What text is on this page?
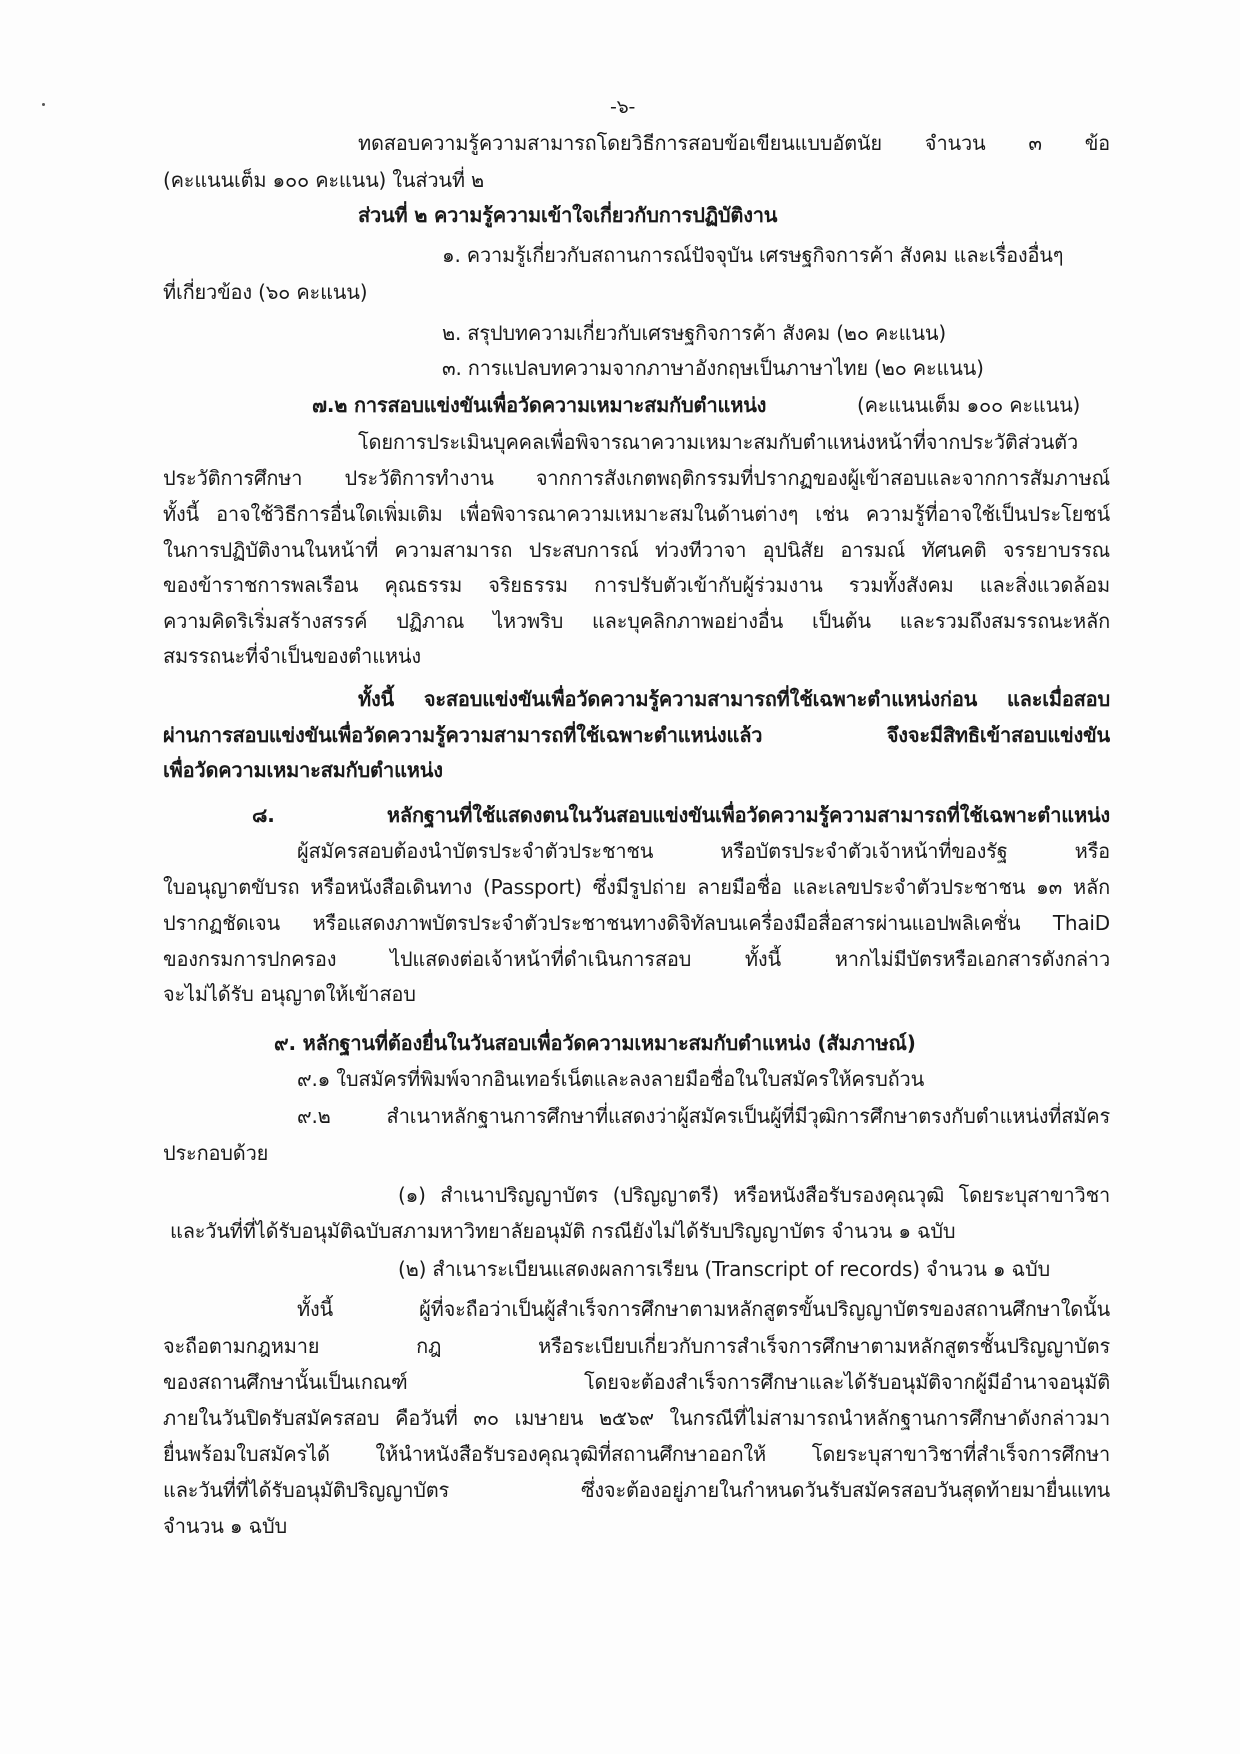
-๖-
ทดสอบความรู้ความสามารถโดยวิธีการสอบข้อเขียนแบบอัตนัย จำนวน ๓ ข้อ
(คะแนนเต็ม ๑๐๐ คะแนน) ในส่วนที่ ๒
ส่วนที่ ๒ ความรู้ความเข้าใจเกี่ยวกับการปฏิบัติงาน
๑. ความรู้เกี่ยวกับสถานการณ์ปัจจุบัน เศรษฐกิจการค้า สังคม และเรื่องอื่นๆ
ที่เกี่ยวข้อง (๖๐ คะแนน)
๒. สรุปบทความเกี่ยวกับเศรษฐกิจการค้า สังคม (๒๐ คะแนน)
๓. การแปลบทความจากภาษาอังกฤษเป็นภาษาไทย (๒๐ คะแนน)
๗.๒ การสอบแข่งขันเพื่อวัดความเหมาะสมกับตำแหน่ง	(คะแนนเต็ม ๑๐๐ คะแนน)
โดยการประเมินบุคคลเพื่อพิจารณาความเหมาะสมกับตำแหน่งหน้าที่จากประวัติส่วนตัว
ประวัติการศึกษา ประวัติการทำงาน จากการสังเกตพฤติกรรมที่ปรากฏของผู้เข้าสอบและจากการสัมภาษณ์
ทั้งนี้ อาจใช้วิธีการอื่นใดเพิ่มเติม เพื่อพิจารณาความเหมาะสมในด้านต่างๆ เช่น ความรู้ที่อาจใช้เป็นประโยชน์
ในการปฏิบัติงานในหน้าที่ ความสามารถ ประสบการณ์ ท่วงทีวาจา อุปนิสัย อารมณ์ ทัศนคติ จรรยาบรรณ
ของข้าราชการพลเรือน คุณธรรม จริยธรรม การปรับตัวเข้ากับผู้ร่วมงาน รวมทั้งสังคม และสิ่งแวดล้อม
ความคิดริเริ่มสร้างสรรค์ ปฏิภาณ ไหวพริบ และบุคลิกภาพอย่างอื่น เป็นต้น และรวมถึงสมรรถนะหลัก
สมรรถนะที่จำเป็นของตำแหน่ง
ทั้งนี้ จะสอบแข่งขันเพื่อวัดความรู้ความสามารถที่ใช้เฉพาะตำแหน่งก่อน และเมื่อสอบ
ผ่านการสอบแข่งขันเพื่อวัดความรู้ความสามารถที่ใช้เฉพาะตำแหน่งแล้ว จึงจะมีสิทธิเข้าสอบแข่งขัน
เพื่อวัดความเหมาะสมกับตำแหน่ง
๘. หลักฐานที่ใช้แสดงตนในวันสอบแข่งขันเพื่อวัดความรู้ความสามารถที่ใช้เฉพาะตำแหน่ง
ผู้สมัครสอบต้องนำบัตรประจำตัวประชาชน หรือบัตรประจำตัวเจ้าหน้าที่ของรัฐ หรือ
ใบอนุญาตขับรถ หรือหนังสือเดินทาง (Passport) ซึ่งมีรูปถ่าย ลายมือชื่อ และเลขประจำตัวประชาชน ๑๓ หลัก
ปรากฏชัดเจน หรือแสดงภาพบัตรประจำตัวประชาชนทางดิจิทัลบนเครื่องมือสื่อสารผ่านแอปพลิเคชั่น ThaiD
ของกรมการปกครอง ไปแสดงต่อเจ้าหน้าที่ดำเนินการสอบ ทั้งนี้ หากไม่มีบัตรหรือเอกสารดังกล่าว
จะไม่ได้รับ อนุญาตให้เข้าสอบ
๙. หลักฐานที่ต้องยื่นในวันสอบเพื่อวัดความเหมาะสมกับตำแหน่ง (สัมภาษณ์)
๙.๑ ใบสมัครที่พิมพ์จากอินเทอร์เน็ตและลงลายมือชื่อในใบสมัครให้ครบถ้วน
๙.๒ สำเนาหลักฐานการศึกษาที่แสดงว่าผู้สมัครเป็นผู้ที่มีวุฒิการศึกษาตรงกับตำแหน่งที่สมัคร
ประกอบด้วย
(๑) สำเนาปริญญาบัตร (ปริญญาตรี) หรือหนังสือรับรองคุณวุฒิ โดยระบุสาขาวิชา
และวันที่ที่ได้รับอนุมัติฉบับสภามหาวิทยาลัยอนุมัติ กรณียังไม่ได้รับปริญญาบัตร จำนวน ๑ ฉบับ
(๒) สำเนาระเบียนแสดงผลการเรียน (Transcript of records) จำนวน ๑ ฉบับ
ทั้งนี้ ผู้ที่จะถือว่าเป็นผู้สำเร็จการศึกษาตามหลักสูตรขั้นปริญญาบัตรของสถานศึกษาใดนั้น
จะถือตามกฎหมาย กฎ หรือระเบียบเกี่ยวกับการสำเร็จการศึกษาตามหลักสูตรชั้นปริญญาบัตร
ของสถานศึกษานั้นเป็นเกณฑ์ โดยจะต้องสำเร็จการศึกษาและได้รับอนุมัติจากผู้มีอำนาจอนุมัติ
ภายในวันปิดรับสมัครสอบ คือวันที่ ๓๐ เมษายน ๒๕๖๙ ในกรณีที่ไม่สามารถนำหลักฐานการศึกษาดังกล่าวมา
ยื่นพร้อมใบสมัครได้ ให้นำหนังสือรับรองคุณวุฒิที่สถานศึกษาออกให้ โดยระบุสาขาวิชาที่สำเร็จการศึกษา
และวันที่ที่ได้รับอนุมัติปริญญาบัตร ซึ่งจะต้องอยู่ภายในกำหนดวันรับสมัครสอบวันสุดท้ายมายื่นแทน
จำนวน ๑ ฉบับ
